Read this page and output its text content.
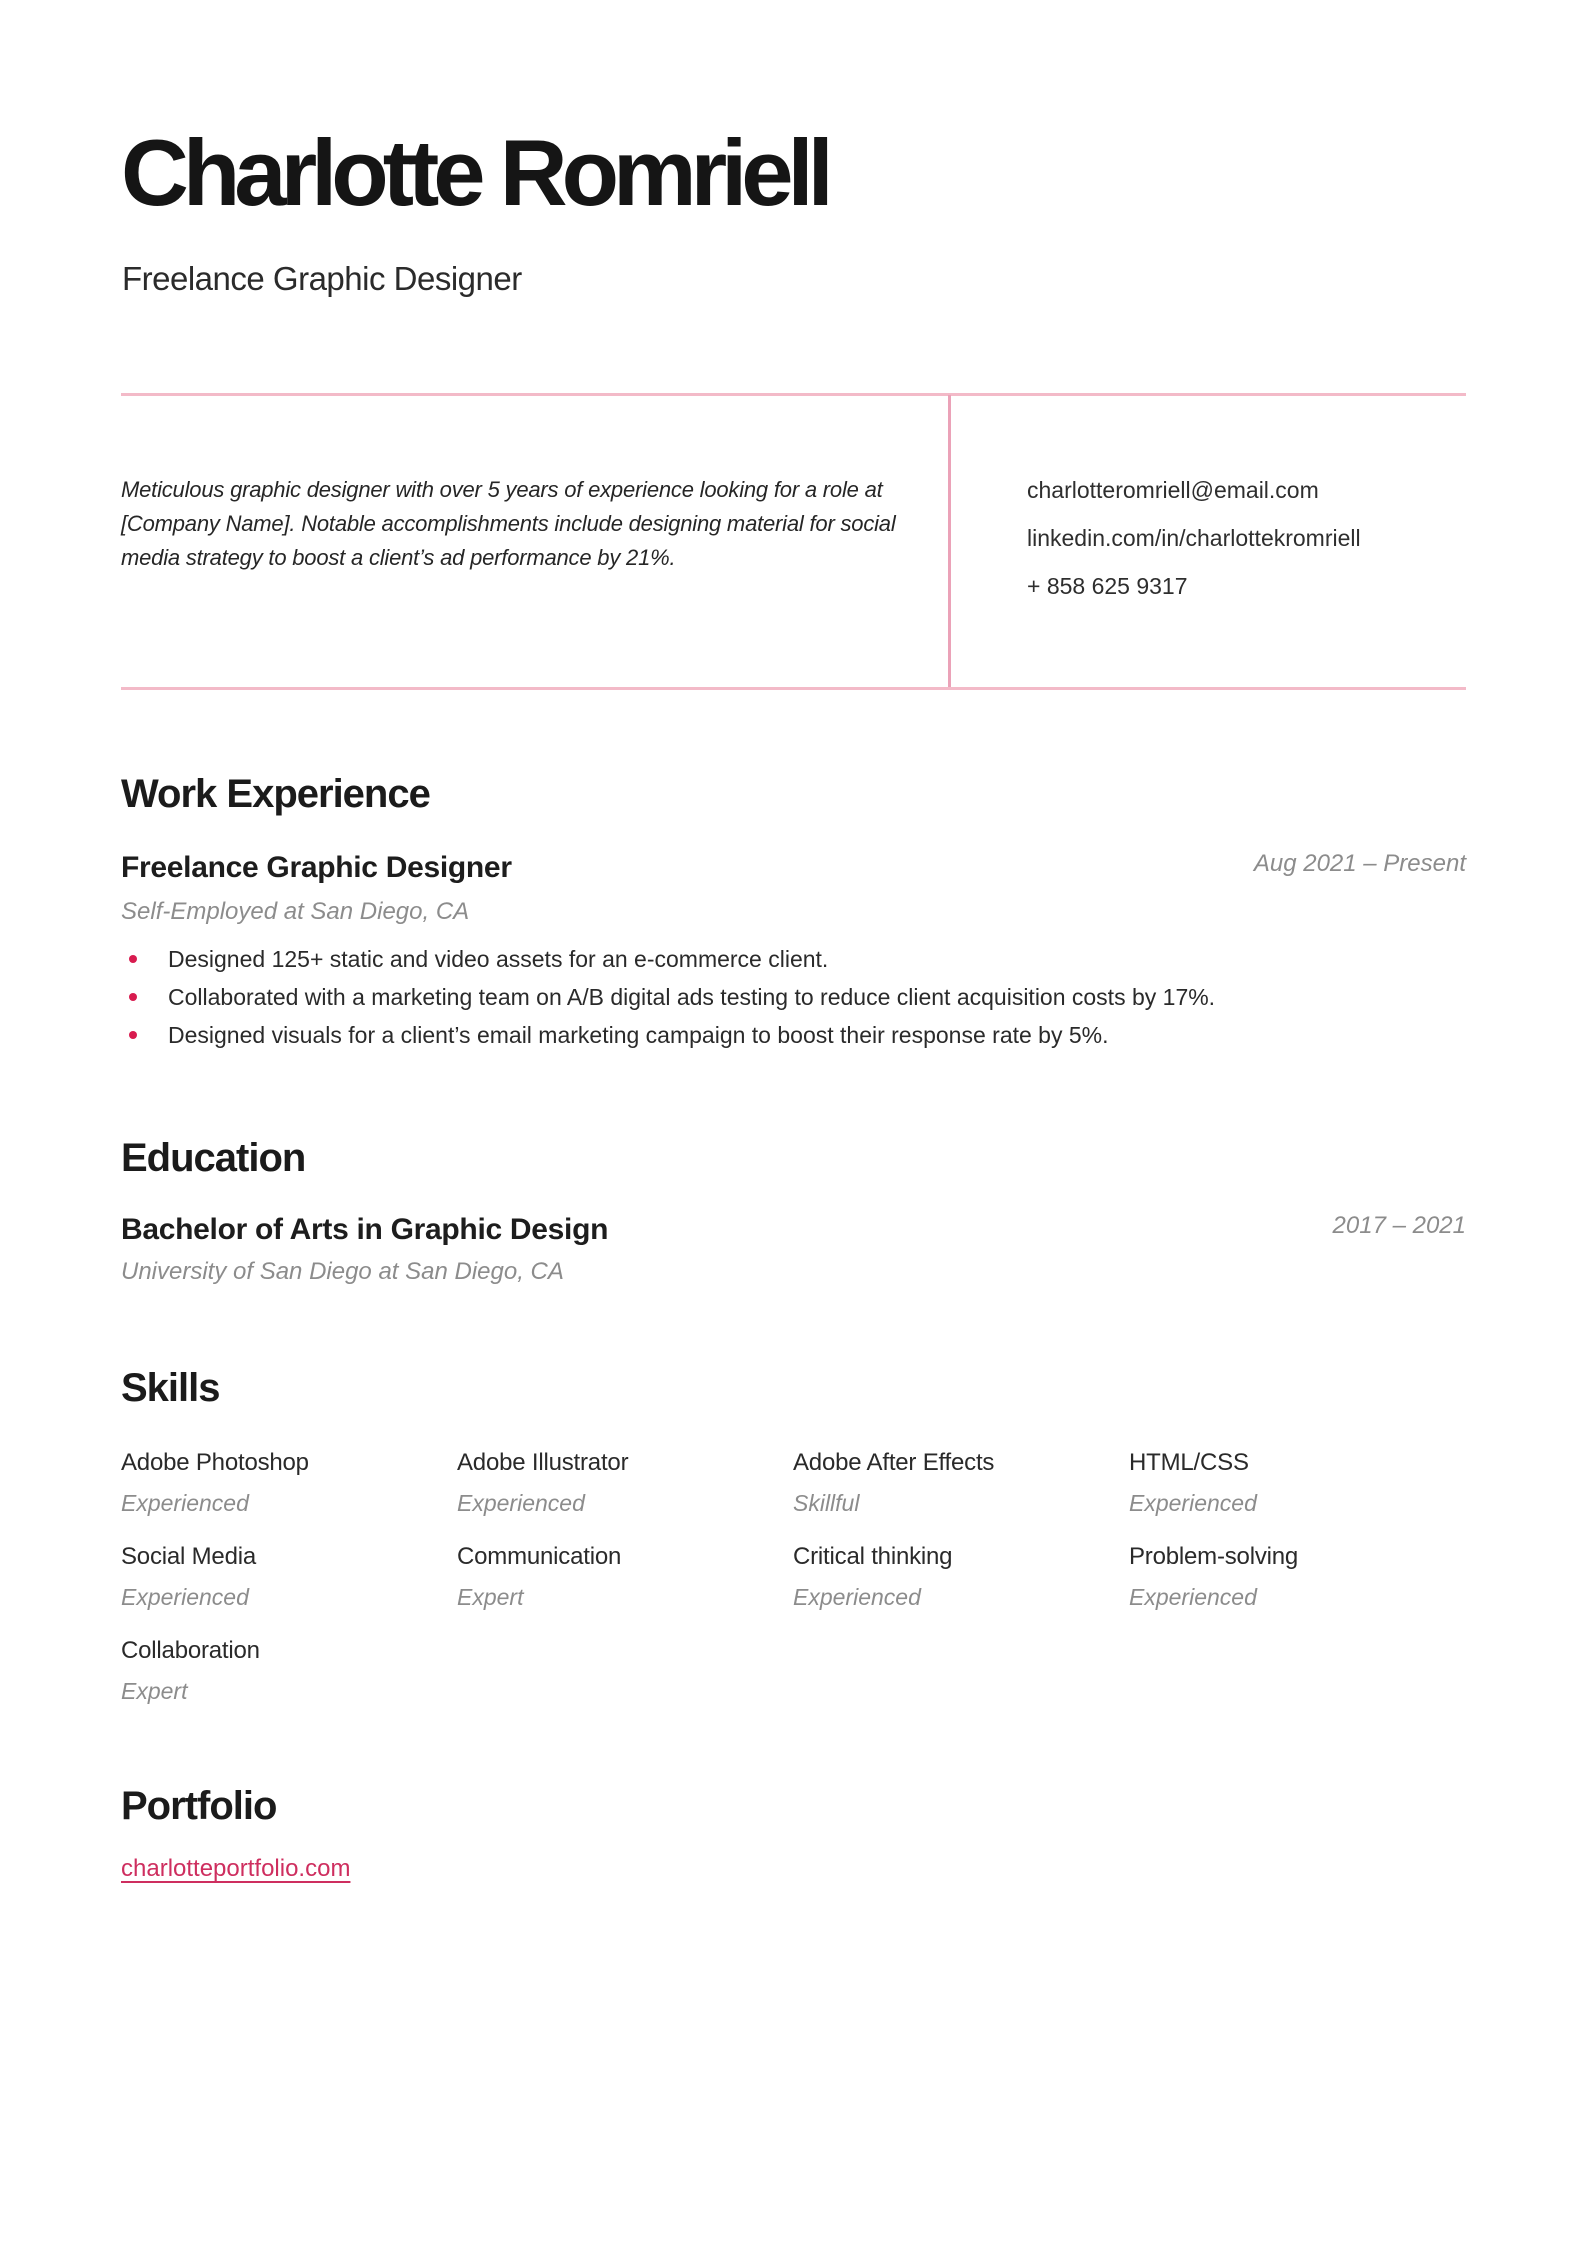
Charlotte Romriell
Freelance Graphic Designer
Meticulous graphic designer with over 5 years of experience looking for a role at [Company Name]. Notable accomplishments include designing material for social media strategy to boost a client’s ad performance by 21%.
charlotteromriell@email.com
linkedin.com/in/charlottekromriell
+ 858 625 9317
Work Experience
Freelance Graphic Designer	Aug 2021 – Present
Self-Employed at San Diego, CA
Designed 125+ static and video assets for an e-commerce client.
Collaborated with a marketing team on A/B digital ads testing to reduce client acquisition costs by 17%.
Designed visuals for a client’s email marketing campaign to boost their response rate by 5%.
Education
Bachelor of Arts in Graphic Design	2017 – 2021
University of San Diego at San Diego, CA
Skills
Adobe Photoshop
Experienced
Adobe Illustrator
Experienced
Adobe After Effects
Skillful
HTML/CSS
Experienced
Social Media
Experienced
Communication
Expert
Critical thinking
Experienced
Problem-solving
Experienced
Collaboration
Expert
Portfolio
charlotteportfolio.com
